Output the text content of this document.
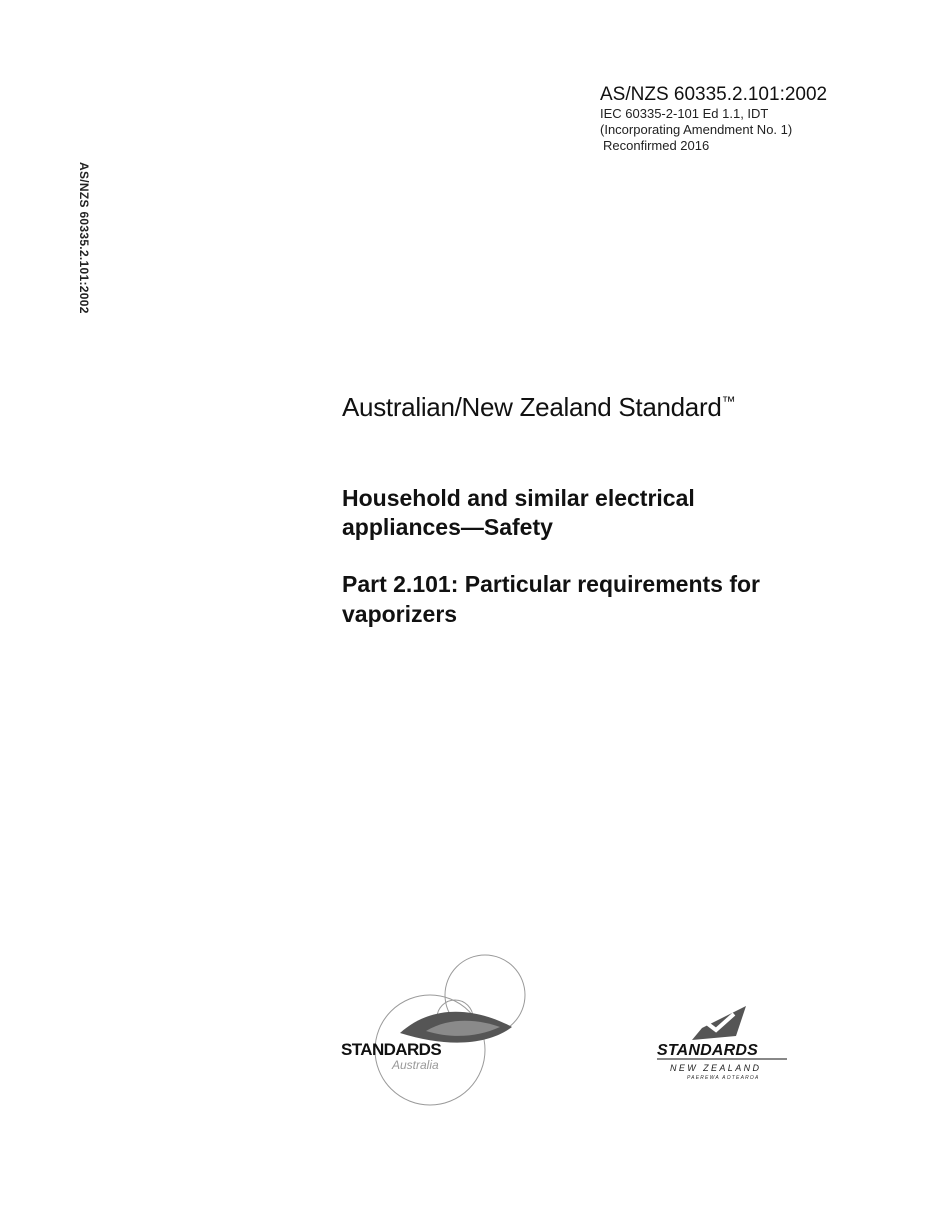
AS/NZS 60335.2.101:2002
IEC 60335-2-101 Ed 1.1, IDT
(Incorporating Amendment No. 1)
Reconfirmed 2016
AS/NZS 60335.2.101:2002
Australian/New Zealand Standard™
Household and similar electrical
appliances—Safety
Part 2.101: Particular requirements for
vaporizers
STANDARDS
Australia
STANDARDS
NEW ZEALAND
PAEREWA AOTEAROA
